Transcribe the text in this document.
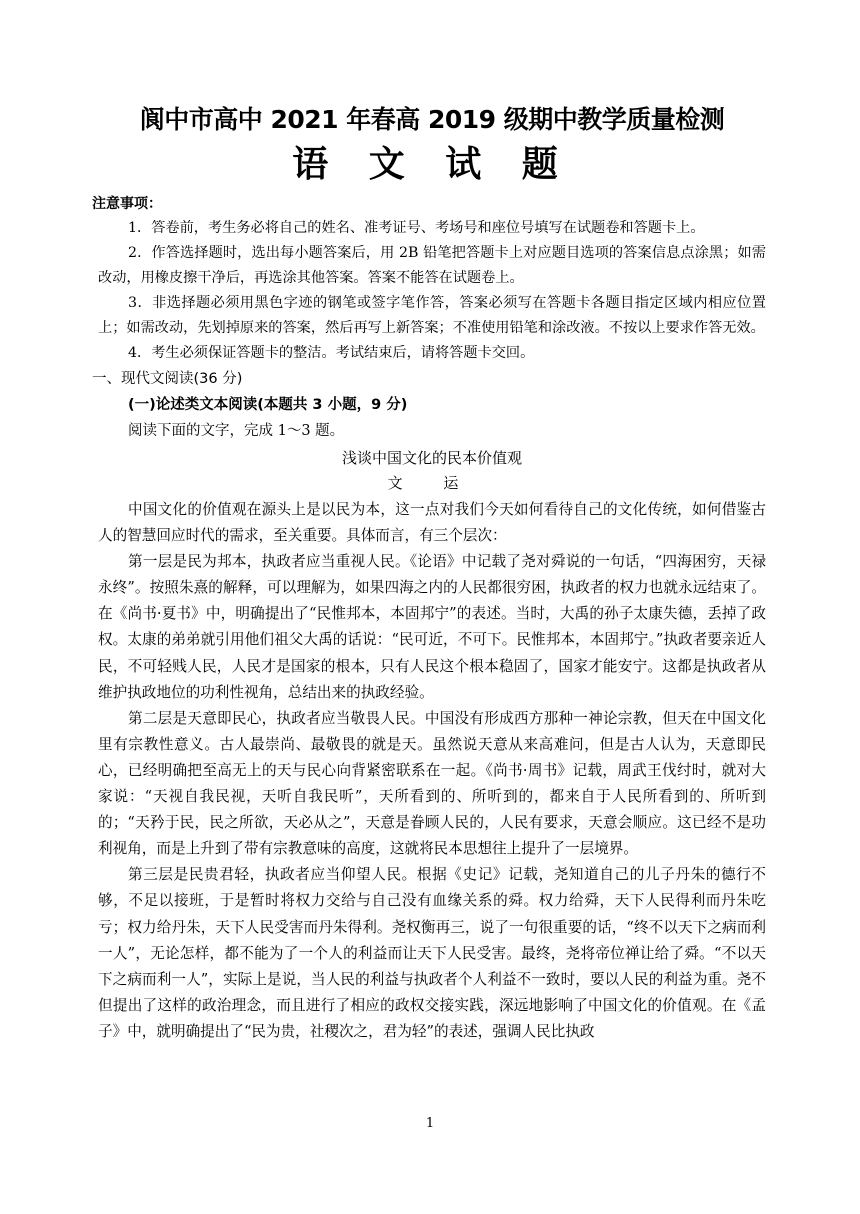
阆中市高中 2021 年春高 2019 级期中教学质量检测
语 文 试 题
注意事项：

1．答卷前，考生务必将自己的姓名、准考证号、考场号和座位号填写在试题卷和答题卡上。

2．作答选择题时，选出每小题答案后，用 2B 铅笔把答题卡上对应题目选项的答案信息点涂黑；如需改动，用橡皮擦干净后，再选涂其他答案。答案不能答在试题卷上。

3．非选择题必须用黑色字迹的钢笔或签字笔作答，答案必须写在答题卡各题目指定区域内相应位置上；如需改动，先划掉原来的答案，然后再写上新答案；不准使用铅笔和涂改液。不按以上要求作答无效。

4．考生必须保证答题卡的整洁。考试结束后，请将答题卡交回。

一、现代文阅读(36 分)
(一)论述类文本阅读(本题共 3 小题，9 分)
阅读下面的文字，完成 1～3 题。
浅谈中国文化的民本价值观
文 运

中国文化的价值观在源头上是以民为本，这一点对我们今天如何看待自己的文化传统，如何借鉴古人的智慧回应时代的需求，至关重要。具体而言，有三个层次：

第一层是民为邦本，执政者应当重视人民。《论语》中记载了尧对舜说的一句话，“四海困穷，天禄永终”。按照朱熹的解释，可以理解为，如果四海之内的人民都很穷困，执政者的权力也就永远结束了。在《尚书·夏书》中，明确提出了“民惟邦本，本固邦宁”的表述。当时，大禹的孙子太康失德，丢掉了政权。太康的弟弟就引用他们祖父大禹的话说：“民可近，不可下。民惟邦本，本固邦宁。”执政者要亲近人民，不可轻贱人民，人民才是国家的根本，只有人民这个根本稳固了，国家才能安宁。这都是执政者从维护执政地位的功利性视角，总结出来的执政经验。

第二层是天意即民心，执政者应当敬畏人民。中国没有形成西方那种一神论宗教，但天在中国文化里有宗教性意义。古人最崇尚、最敬畏的就是天。虽然说天意从来高难问，但是古人认为，天意即民心，已经明确把至高无上的天与民心向背紧密联系在一起。《尚书·周书》记载，周武王伐纣时，就对大家说：“天视自我民视，天听自我民听”，天所看到的、所听到的，都来自于人民所看到的、所听到的；“天矜于民，民之所欲，天必从之”，天意是眷顾人民的，人民有要求，天意会顺应。这已经不是功利视角，而是上升到了带有宗教意味的高度，这就将民本思想往上提升了一层境界。

第三层是民贵君轻，执政者应当仰望人民。根据《史记》记载，尧知道自己的儿子丹朱的德行不够，不足以接班，于是暂时将权力交给与自己没有血缘关系的舜。权力给舜，天下人民得利而丹朱吃亏；权力给丹朱，天下人民受害而丹朱得利。尧权衡再三，说了一句很重要的话，“终不以天下之病而利一人”，无论怎样，都不能为了一个人的利益而让天下人民受害。最终，尧将帝位禅让给了舜。“不以天下之病而利一人”，实际上是说，当人民的利益与执政者个人利益不一致时，要以人民的利益为重。尧不但提出了这样的政治理念，而且进行了相应的政权交接实践，深远地影响了中国文化的价值观。在《孟子》中，就明确提出了“民为贵，社稷次之，君为轻”的表述，强调人民比执政

1
